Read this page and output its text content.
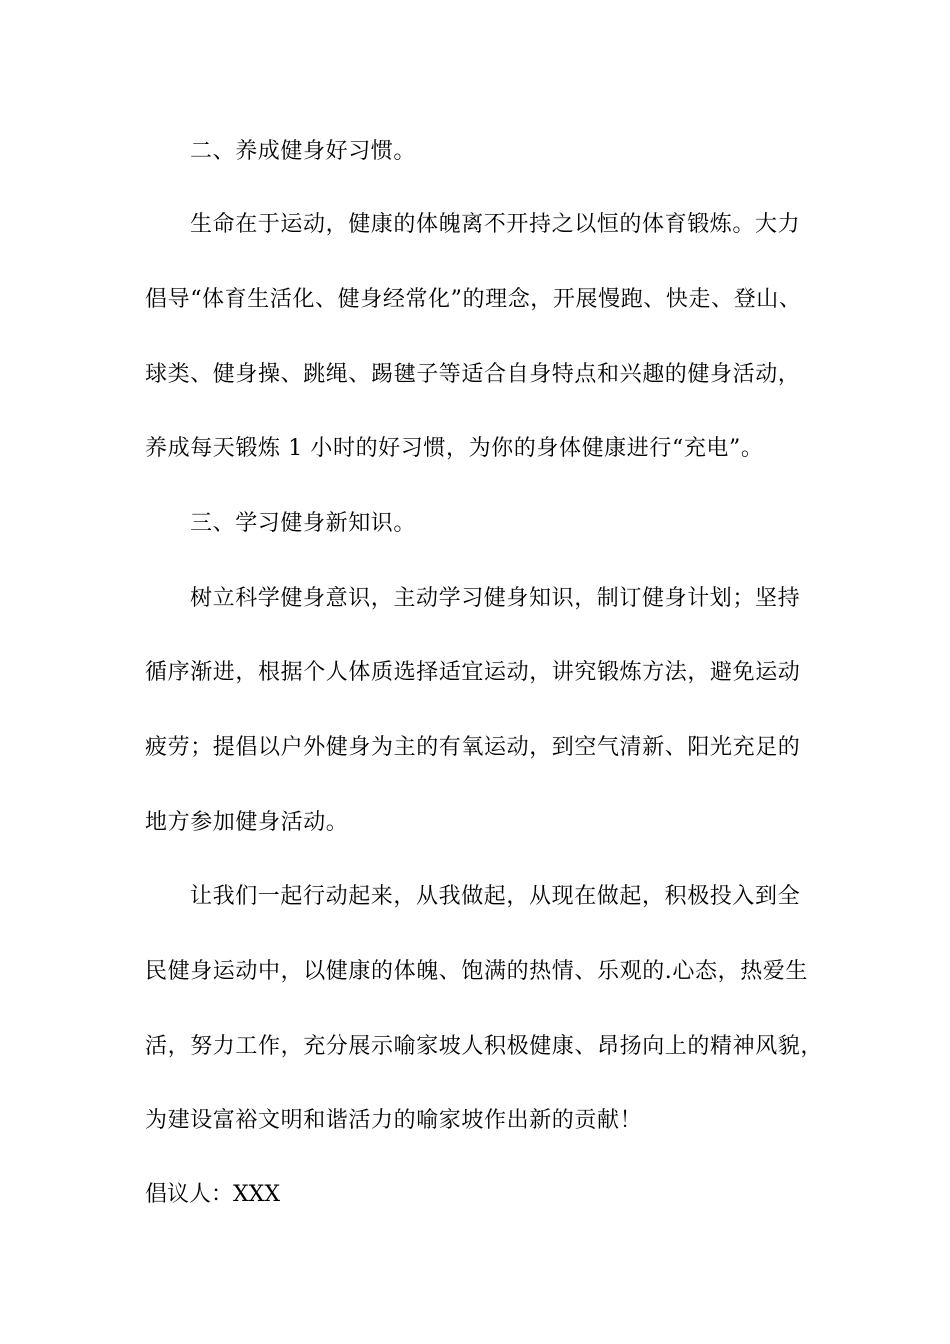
二、养成健身好习惯。
生命在于运动，健康的体魄离不开持之以恒的体育锻炼。大力
倡导“体育生活化、健身经常化”的理念，开展慢跑、快走、登山、
球类、健身操、跳绳、踢毽子等适合自身特点和兴趣的健身活动，
养成每天锻炼 1 小时的好习惯，为你的身体健康进行“充电”。
三、学习健身新知识。
树立科学健身意识，主动学习健身知识，制订健身计划；坚持
循序渐进，根据个人体质选择适宜运动，讲究锻炼方法，避免运动
疲劳；提倡以户外健身为主的有氧运动，到空气清新、阳光充足的
地方参加健身活动。
让我们一起行动起来，从我做起，从现在做起，积极投入到全
民健身运动中，以健康的体魄、饱满的热情、乐观的.心态，热爱生
活，努力工作，充分展示喻家坡人积极健康、昂扬向上的精神风貌，
为建设富裕文明和谐活力的喻家坡作出新的贡献！
倡议人：XXX
